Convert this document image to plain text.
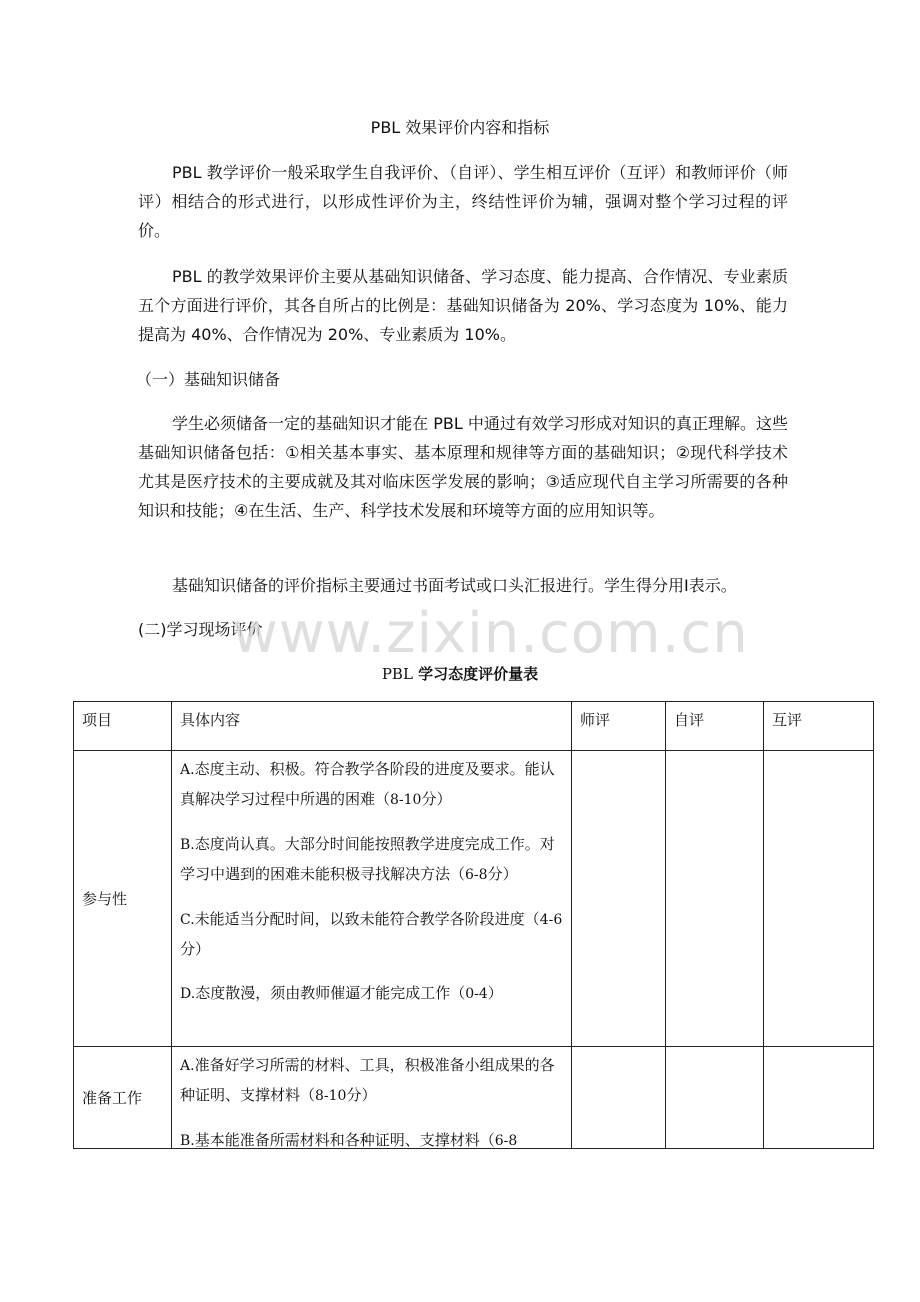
PBL 效果评价内容和指标

PBL 教学评价一般采取学生自我评价、（自评）、学生相互评价（互评）和教师评价（师评）相结合的形式进行，以形成性评价为主，终结性评价为辅，强调对整个学习过程的评价。

PBL 的教学效果评价主要从基础知识储备、学习态度、能力提高、合作情况、专业素质五个方面进行评价，其各自所占的比例是：基础知识储备为 20%、学习态度为 10%、能力提高为 40%、合作情况为 20%、专业素质为 10%。

（一）基础知识储备

学生必须储备一定的基础知识才能在 PBL 中通过有效学习形成对知识的真正理解。这些基础知识储备包括：①相关基本事实、基本原理和规律等方面的基础知识；②现代科学技术尤其是医疗技术的主要成就及其对临床医学发展的影响；③适应现代自主学习所需要的各种知识和技能；④在生活、生产、科学技术发展和环境等方面的应用知识等。

基础知识储备的评价指标主要通过书面考试或口头汇报进行。学生得分用Ⅰ表示。

(二)学习现场评价
www.zixin.com.cn
PBL 学习态度评价量表
项目	具体内容	师评	自评	互评
参与性	A.态度主动、积极。符合教学各阶段的进度及要求。能认真解决学习过程中所遇的困难（8-10分）

B.态度尚认真。大部分时间能按照教学进度完成工作。对学习中遇到的困难未能积极寻找解决方法（6-8分）

C.未能适当分配时间，以致未能符合教学各阶段进度（4-6分）

D.态度散漫，须由教师催逼才能完成工作（0-4）			

准备工作	A.准备好学习所需的材料、工具，积极准备小组成果的各种证明、支撑材料（8-10分）

B.基本能准备所需材料和各种证明、支撑材料（6-8			
